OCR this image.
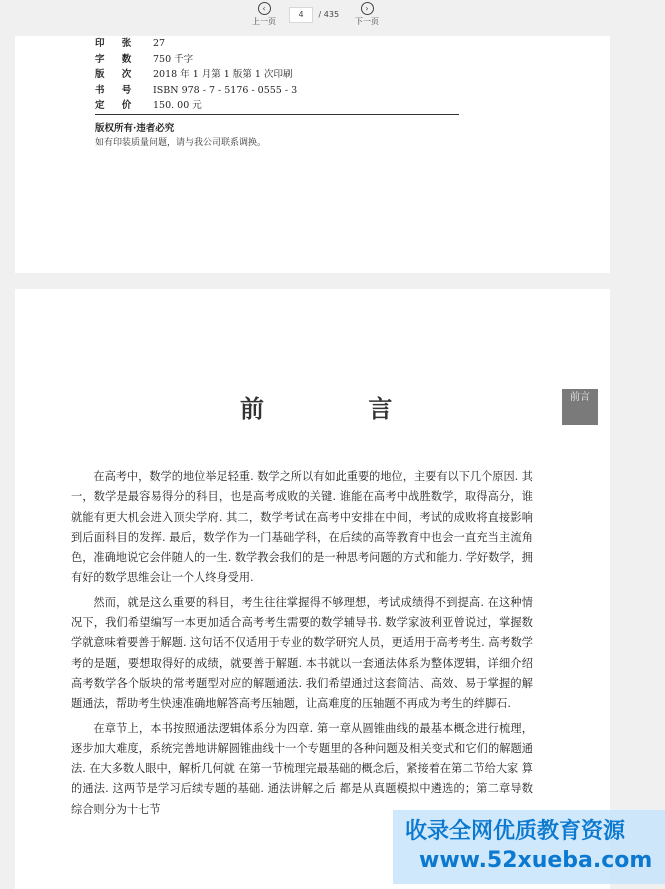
‹
上一页
4 / 435
›
下一页
印 张 27
字 数 750 千字
版 次 2018 年 1 月第 1 版第 1 次印刷
书 号 ISBN 978 - 7 - 5176 - 0555 - 3
定 价 150. 00 元
版权所有·违者必究
如有印装质量问题，请与我公司联系调换。
前 言	前言

在高考中，数学的地位举足轻重. 数学之所以有如此重要的地位，主要有以下几个原因. 其一，数学是最容易得分的科目，也是高考成败的关键. 谁能在高考中战胜数学，取得高分，谁就能有更大机会进入顶尖学府. 其二，数学考试在高考中安排在中间，考试的成败将直接影响到后面科目的发挥. 最后，数学作为一门基础学科，在后续的高等教育中也会一直充当主流角色，准确地说它会伴随人的一生. 数学教会我们的是一种思考问题的方式和能力. 学好数学，拥有好的数学思维会让一个人终身受用.

然而，就是这么重要的科目，考生往往掌握得不够理想，考试成绩得不到提高. 在这种情况下，我们希望编写一本更加适合高考考生需要的数学辅导书. 数学家波利亚曾说过，掌握数学就意味着要善于解题. 这句话不仅适用于专业的数学研究人员，更适用于高考考生. 高考数学考的是题，要想取得好的成绩，就要善于解题. 本书就以一套通法体系为整体逻辑，详细介绍高考数学各个版块的常考题型对应的解题通法. 我们希望通过这套简洁、高效、易于掌握的解题通法，帮助考生快速准确地解答高考压轴题，让高难度的压轴题不再成为考生的绊脚石.

在章节上，本书按照通法逻辑体系分为四章. 第一章从圆锥曲线的最基本概念进行梳理，逐步加大难度，系统完善地讲解圆锥曲线十一个专题里的各种问题及相关变式和它们的解题通法. 在大多数人眼中，解析几何就 在第一节梳理完最基础的概念后，紧接着在第二节给大家 算的通法. 这两节是学习后续专题的基础. 通法讲解之后 都是从真题模拟中遴选的；第二章导数综合则分为十七节

收录全网优质教育资源
www.52xueba.com
